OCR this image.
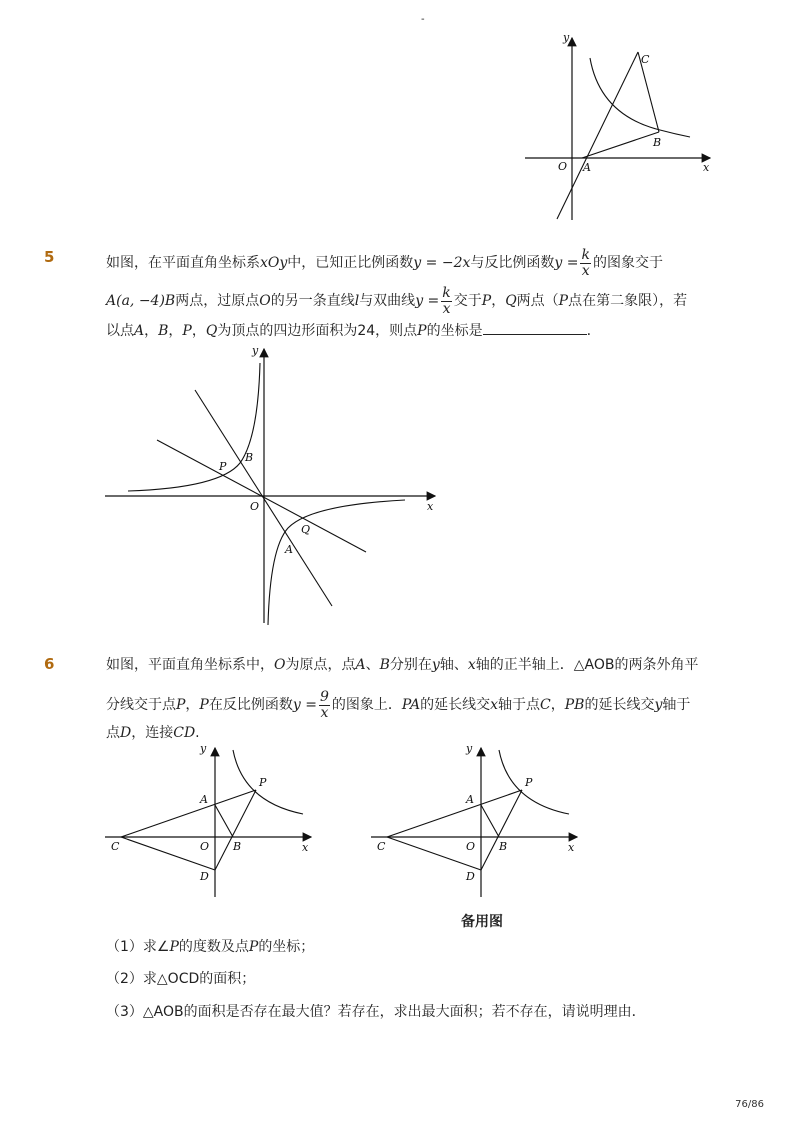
-
y
x
O A
B
C
5	如图，在平面直角坐标系xOy中，已知正比例函数y = −2x与反比例函数$y = \frac{k}{x}$ 的图象交于
A(a, −4)B两点，过原点O的另一条直线l与双曲线$y = \frac{k}{x}$ 交于P，Q两点（P点在第二象限），若
以点A，B，P，Q为顶点的四边形面积为24，则点P的坐标是	.
y
x
O
P
B
Q
A
6	如图，平面直角坐标系中，O为原点，点A、B分别在y轴、x轴的正半轴上．△AOB的两条外角平
分线交于点P，P在反比例函数$y = \frac{9}{x}$ 的图象上．PA的延长线交x轴于点C，PB的延长线交y轴于
点D，连接CD.
y
x
C	O B
A
P
D
y
x
C	O B
A
P
D
备用图
（1）求∠P的度数及点P的坐标；
（2）求△OCD的面积；
（3）△AOB的面积是否存在最大值？若存在，求出最大面积；若不存在，请说明理由．
76/86
